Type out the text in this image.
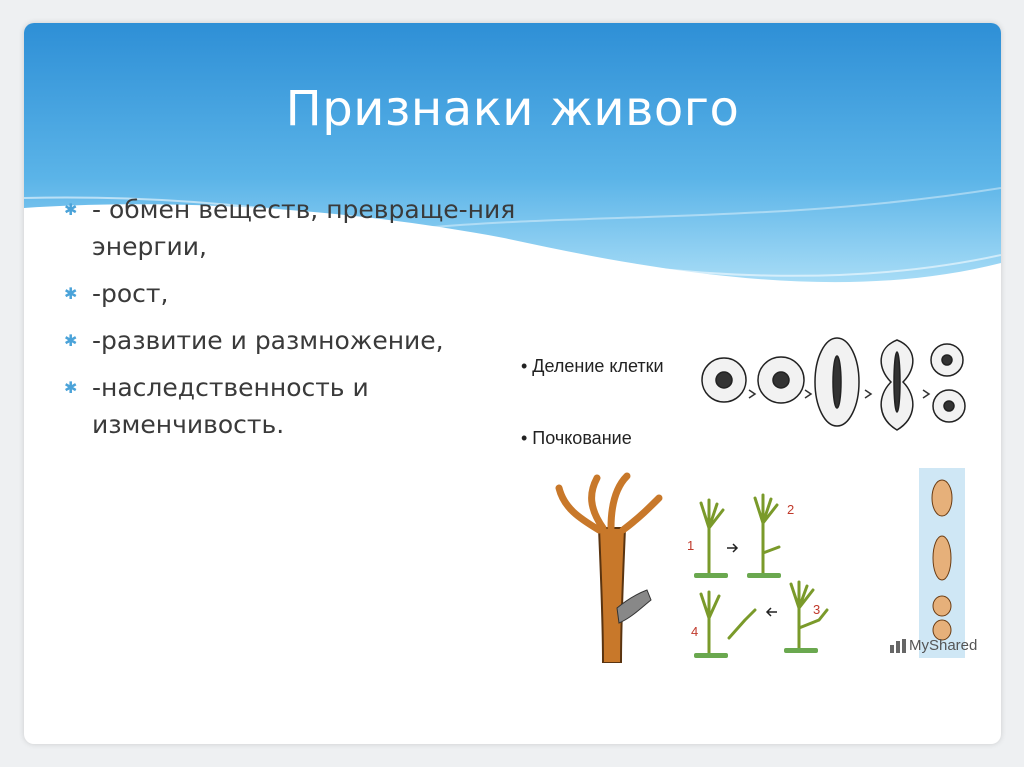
Признаки живого
✱ - обмен веществ, превраще-ния энергии,
✱ -рост,
✱ -развитие и размножение,
✱ -наследственность и изменчивость.
• Деление клетки
• Почкование
1
2
3
4
MyShared
